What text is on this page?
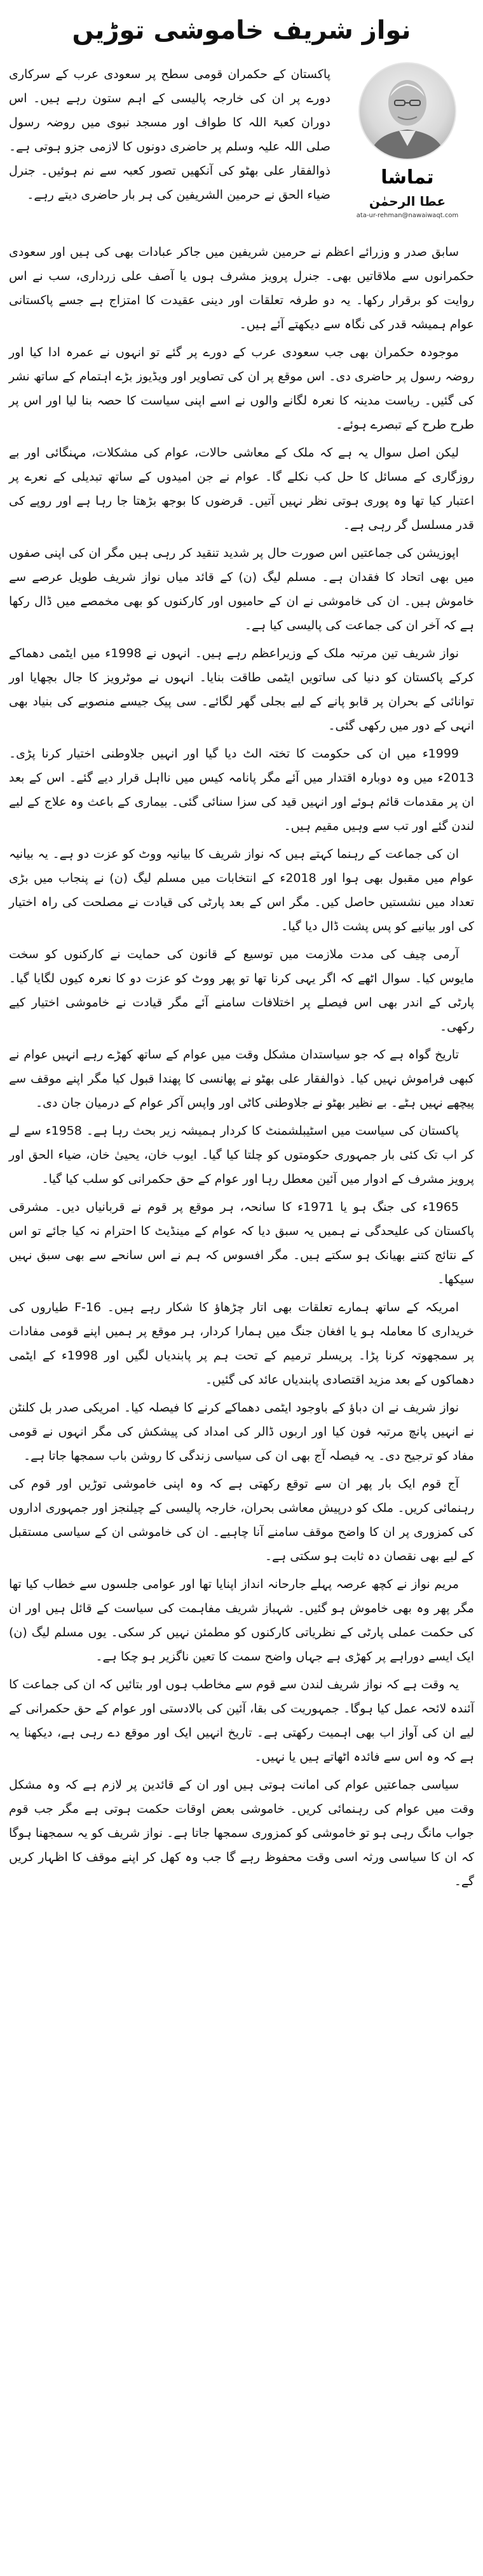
نواز شریف خاموشی توڑیں
تماشا
عطا الرحمٰن
ata-ur-rehman@nawaiwaqt.com
پاکستان کے حکمران قومی سطح پر سعودی عرب کے سرکاری دورے پر ان کی خارجہ پالیسی کے اہم ستون رہے ہیں۔ اس دوران کعبۃ اللہ کا طواف اور مسجد نبوی میں روضہ رسول صلی اللہ علیہ وسلم پر حاضری دونوں کا لازمی جزو ہوتی ہے۔ ذوالفقار علی بھٹو کی آنکھیں تصور کعبہ سے نم ہوئیں۔ جنرل ضیاء الحق نے حرمین الشریفین کی ہر بار حاضری دیتے رہے۔

سابق صدر و وزرائے اعظم نے حرمین شریفین میں جاکر عبادات بھی کی ہیں اور سعودی حکمرانوں سے ملاقاتیں بھی۔ جنرل پرویز مشرف ہوں یا آصف علی زرداری، سب نے اس روایت کو برقرار رکھا۔ یہ دو طرفہ تعلقات اور دینی عقیدت کا امتزاج ہے جسے پاکستانی عوام ہمیشہ قدر کی نگاہ سے دیکھتے آئے ہیں۔

موجودہ حکمران بھی جب سعودی عرب کے دورے پر گئے تو انہوں نے عمرہ ادا کیا اور روضہ رسول پر حاضری دی۔ اس موقع پر ان کی تصاویر اور ویڈیوز بڑے اہتمام کے ساتھ نشر کی گئیں۔ ریاست مدینہ کا نعرہ لگانے والوں نے اسے اپنی سیاست کا حصہ بنا لیا اور اس پر طرح طرح کے تبصرے ہوئے۔

لیکن اصل سوال یہ ہے کہ ملک کے معاشی حالات، عوام کی مشکلات، مہنگائی اور بے روزگاری کے مسائل کا حل کب نکلے گا۔ عوام نے جن امیدوں کے ساتھ تبدیلی کے نعرے پر اعتبار کیا تھا وہ پوری ہوتی نظر نہیں آتیں۔ قرضوں کا بوجھ بڑھتا جا رہا ہے اور روپے کی قدر مسلسل گر رہی ہے۔

اپوزیشن کی جماعتیں اس صورت حال پر شدید تنقید کر رہی ہیں مگر ان کی اپنی صفوں میں بھی اتحاد کا فقدان ہے۔ مسلم لیگ (ن) کے قائد میاں نواز شریف طویل عرصے سے خاموش ہیں۔ ان کی خاموشی نے ان کے حامیوں اور کارکنوں کو بھی مخمصے میں ڈال رکھا ہے کہ آخر ان کی جماعت کی پالیسی کیا ہے۔

نواز شریف تین مرتبہ ملک کے وزیراعظم رہے ہیں۔ انہوں نے 1998ء میں ایٹمی دھماکے کرکے پاکستان کو دنیا کی ساتویں ایٹمی طاقت بنایا۔ انہوں نے موٹرویز کا جال بچھایا اور توانائی کے بحران پر قابو پانے کے لیے بجلی گھر لگائے۔ سی پیک جیسے منصوبے کی بنیاد بھی انہی کے دور میں رکھی گئی۔

1999ء میں ان کی حکومت کا تختہ الٹ دیا گیا اور انہیں جلاوطنی اختیار کرنا پڑی۔ 2013ء میں وہ دوبارہ اقتدار میں آئے مگر پانامہ کیس میں نااہل قرار دیے گئے۔ اس کے بعد ان پر مقدمات قائم ہوئے اور انہیں قید کی سزا سنائی گئی۔ بیماری کے باعث وہ علاج کے لیے لندن گئے اور تب سے وہیں مقیم ہیں۔

ان کی جماعت کے رہنما کہتے ہیں کہ نواز شریف کا بیانیہ ووٹ کو عزت دو ہے۔ یہ بیانیہ عوام میں مقبول بھی ہوا اور 2018ء کے انتخابات میں مسلم لیگ (ن) نے پنجاب میں بڑی تعداد میں نشستیں حاصل کیں۔ مگر اس کے بعد پارٹی کی قیادت نے مصلحت کی راہ اختیار کی اور بیانیے کو پس پشت ڈال دیا گیا۔

آرمی چیف کی مدت ملازمت میں توسیع کے قانون کی حمایت نے کارکنوں کو سخت مایوس کیا۔ سوال اٹھے کہ اگر یہی کرنا تھا تو پھر ووٹ کو عزت دو کا نعرہ کیوں لگایا گیا۔ پارٹی کے اندر بھی اس فیصلے پر اختلافات سامنے آئے مگر قیادت نے خاموشی اختیار کیے رکھی۔

تاریخ گواہ ہے کہ جو سیاستدان مشکل وقت میں عوام کے ساتھ کھڑے رہے انہیں عوام نے کبھی فراموش نہیں کیا۔ ذوالفقار علی بھٹو نے پھانسی کا پھندا قبول کیا مگر اپنے موقف سے پیچھے نہیں ہٹے۔ بے نظیر بھٹو نے جلاوطنی کاٹی اور واپس آکر عوام کے درمیان جان دی۔

پاکستان کی سیاست میں اسٹیبلشمنٹ کا کردار ہمیشہ زیر بحث رہا ہے۔ 1958ء سے لے کر اب تک کئی بار جمہوری حکومتوں کو چلتا کیا گیا۔ ایوب خان، یحییٰ خان، ضیاء الحق اور پرویز مشرف کے ادوار میں آئین معطل رہا اور عوام کے حق حکمرانی کو سلب کیا گیا۔

1965ء کی جنگ ہو یا 1971ء کا سانحہ، ہر موقع پر قوم نے قربانیاں دیں۔ مشرقی پاکستان کی علیحدگی نے ہمیں یہ سبق دیا کہ عوام کے مینڈیٹ کا احترام نہ کیا جائے تو اس کے نتائج کتنے بھیانک ہو سکتے ہیں۔ مگر افسوس کہ ہم نے اس سانحے سے بھی سبق نہیں سیکھا۔

امریکہ کے ساتھ ہمارے تعلقات بھی اتار چڑھاؤ کا شکار رہے ہیں۔ F-16 طیاروں کی خریداری کا معاملہ ہو یا افغان جنگ میں ہمارا کردار، ہر موقع پر ہمیں اپنے قومی مفادات پر سمجھوتہ کرنا پڑا۔ پریسلر ترمیم کے تحت ہم پر پابندیاں لگیں اور 1998ء کے ایٹمی دھماکوں کے بعد مزید اقتصادی پابندیاں عائد کی گئیں۔

نواز شریف نے ان دباؤ کے باوجود ایٹمی دھماکے کرنے کا فیصلہ کیا۔ امریکی صدر بل کلنٹن نے انہیں پانچ مرتبہ فون کیا اور اربوں ڈالر کی امداد کی پیشکش کی مگر انہوں نے قومی مفاد کو ترجیح دی۔ یہ فیصلہ آج بھی ان کی سیاسی زندگی کا روشن باب سمجھا جاتا ہے۔

آج قوم ایک بار پھر ان سے توقع رکھتی ہے کہ وہ اپنی خاموشی توڑیں اور قوم کی رہنمائی کریں۔ ملک کو درپیش معاشی بحران، خارجہ پالیسی کے چیلنجز اور جمہوری اداروں کی کمزوری پر ان کا واضح موقف سامنے آنا چاہیے۔ ان کی خاموشی ان کے سیاسی مستقبل کے لیے بھی نقصان دہ ثابت ہو سکتی ہے۔

مریم نواز نے کچھ عرصہ پہلے جارحانہ انداز اپنایا تھا اور عوامی جلسوں سے خطاب کیا تھا مگر پھر وہ بھی خاموش ہو گئیں۔ شہباز شریف مفاہمت کی سیاست کے قائل ہیں اور ان کی حکمت عملی پارٹی کے نظریاتی کارکنوں کو مطمئن نہیں کر سکی۔ یوں مسلم لیگ (ن) ایک ایسے دوراہے پر کھڑی ہے جہاں واضح سمت کا تعین ناگزیر ہو چکا ہے۔

یہ وقت ہے کہ نواز شریف لندن سے قوم سے مخاطب ہوں اور بتائیں کہ ان کی جماعت کا آئندہ لائحہ عمل کیا ہوگا۔ جمہوریت کی بقا، آئین کی بالادستی اور عوام کے حق حکمرانی کے لیے ان کی آواز اب بھی اہمیت رکھتی ہے۔ تاریخ انہیں ایک اور موقع دے رہی ہے، دیکھنا یہ ہے کہ وہ اس سے فائدہ اٹھاتے ہیں یا نہیں۔

سیاسی جماعتیں عوام کی امانت ہوتی ہیں اور ان کے قائدین پر لازم ہے کہ وہ مشکل وقت میں عوام کی رہنمائی کریں۔ خاموشی بعض اوقات حکمت ہوتی ہے مگر جب قوم جواب مانگ رہی ہو تو خاموشی کو کمزوری سمجھا جاتا ہے۔ نواز شریف کو یہ سمجھنا ہوگا کہ ان کا سیاسی ورثہ اسی وقت محفوظ رہے گا جب وہ کھل کر اپنے موقف کا اظہار کریں گے۔
